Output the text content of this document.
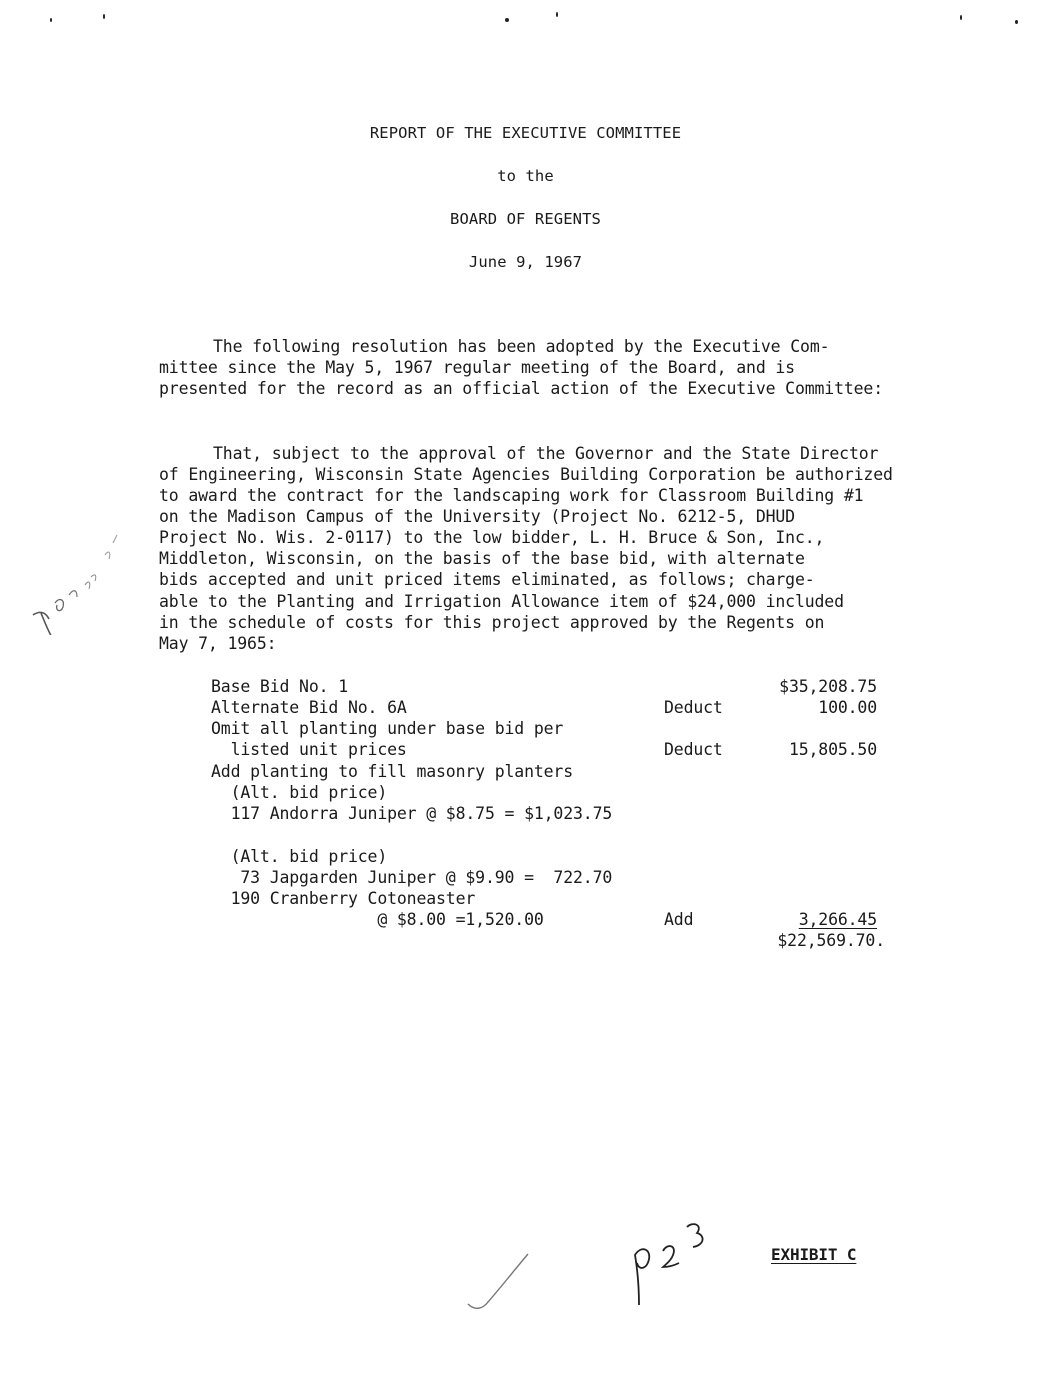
REPORT OF THE EXECUTIVE COMMITTEE
to the
BOARD OF REGENTS
June 9, 1967
The following resolution has been adopted by the Executive Com-
mittee since the May 5, 1967 regular meeting of the Board, and is
presented for the record as an official action of the Executive Committee:
That, subject to the approval of the Governor and the State Director
of Engineering, Wisconsin State Agencies Building Corporation be authorized
to award the contract for the landscaping work for Classroom Building #1
on the Madison Campus of the University (Project No. 6212-5, DHUD
Project No. Wis. 2-0117) to the low bidder, L. H. Bruce & Son, Inc.,
Middleton, Wisconsin, on the basis of the base bid, with alternate
bids accepted and unit priced items eliminated, as follows; charge-
able to the Planting and Irrigation Allowance item of $24,000 included
in the schedule of costs for this project approved by the Regents on
May 7, 1965:
Base Bid No. 1	$35,208.75
Alternate Bid No. 6A	Deduct	100.00
Omit all planting under base bid per
listed unit prices	Deduct	15,805.50
Add planting to fill masonry planters
(Alt. bid price)
117 Andorra Juniper @ $8.75 = $1,023.75
(Alt. bid price)
73 Japgarden Juniper @ $9.90 =  722.70
190 Cranberry Cotoneaster
@ $8.00 =1,520.00	Add	3,266.45
$22,569.70.
EXHIBIT C
